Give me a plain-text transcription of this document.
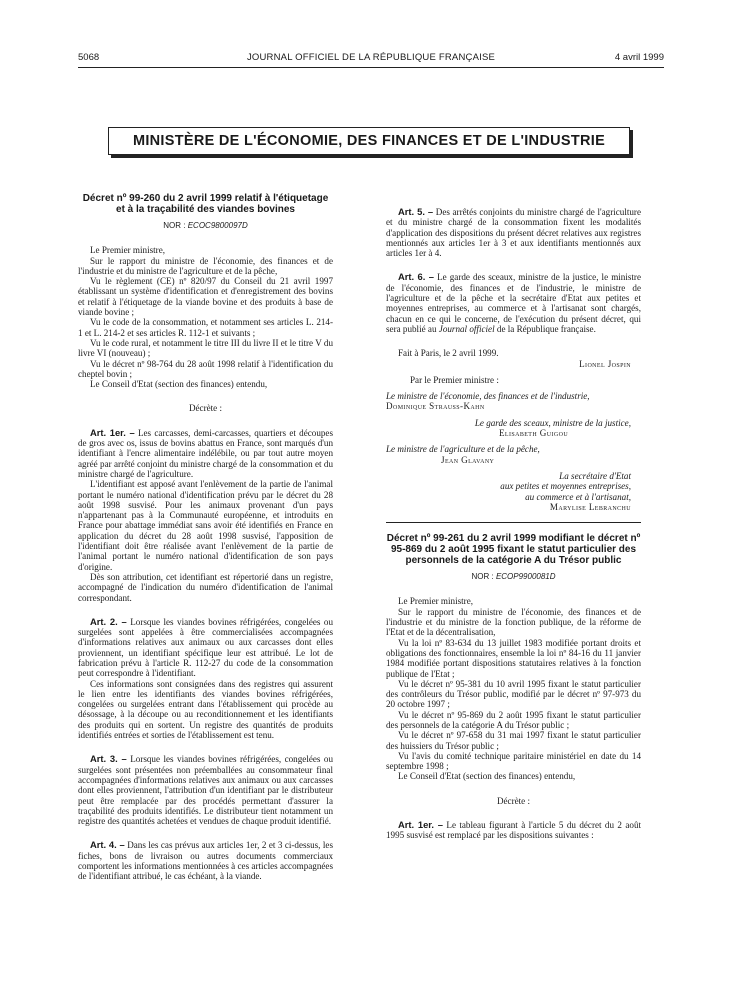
5068	JOURNAL OFFICIEL DE LA RÉPUBLIQUE FRANÇAISE	4 avril 1999
MINISTÈRE DE L'ÉCONOMIE, DES FINANCES ET DE L'INDUSTRIE
Décret nº 99-260 du 2 avril 1999 relatif à l'étiquetage et à la traçabilité des viandes bovines
NOR : ECOC9800097D

Le Premier ministre,

Sur le rapport du ministre de l'économie, des finances et de l'industrie et du ministre de l'agriculture et de la pêche,

Vu le règlement (CE) nº 820/97 du Conseil du 21 avril 1997 établissant un système d'identification et d'enregistrement des bovins et relatif à l'étiquetage de la viande bovine et des produits à base de viande bovine ;

Vu le code de la consommation, et notamment ses articles L. 214-1 et L. 214-2 et ses articles R. 112-1 et suivants ;

Vu le code rural, et notamment le titre III du livre II et le titre V du livre VI (nouveau) ;

Vu le décret nº 98-764 du 28 août 1998 relatif à l'identification du cheptel bovin ;

Le Conseil d'Etat (section des finances) entendu,

Décrète :

Art. 1er. – Les carcasses, demi-carcasses, quartiers et découpes de gros avec os, issus de bovins abattus en France, sont marqués d'un identifiant à l'encre alimentaire indélébile, ou par tout autre moyen agréé par arrêté conjoint du ministre chargé de la consommation et du ministre chargé de l'agriculture.

L'identifiant est apposé avant l'enlèvement de la partie de l'animal portant le numéro national d'identification prévu par le décret du 28 août 1998 susvisé. Pour les animaux provenant d'un pays n'appartenant pas à la Communauté européenne, et introduits en France pour abattage immédiat sans avoir été identifiés en France en application du décret du 28 août 1998 susvisé, l'apposition de l'identifiant doit être réalisée avant l'enlèvement de la partie de l'animal portant le numéro national d'identification de son pays d'origine.

Dès son attribution, cet identifiant est répertorié dans un registre, accompagné de l'indication du numéro d'identification de l'animal correspondant.

Art. 2. – Lorsque les viandes bovines réfrigérées, congelées ou surgelées sont appelées à être commercialisées accompagnées d'informations relatives aux animaux ou aux carcasses dont elles proviennent, un identifiant spécifique leur est attribué. Le lot de fabrication prévu à l'article R. 112-27 du code de la consommation peut correspondre à l'identifiant.

Ces informations sont consignées dans des registres qui assurent le lien entre les identifiants des viandes bovines réfrigérées, congelées ou surgelées entrant dans l'établissement qui procède au désossage, à la découpe ou au reconditionnement et les identifiants des produits qui en sortent. Un registre des quantités de produits identifiés entrées et sorties de l'établissement est tenu.

Art. 3. – Lorsque les viandes bovines réfrigérées, congelées ou surgelées sont présentées non préemballées au consommateur final accompagnées d'informations relatives aux animaux ou aux carcasses dont elles proviennent, l'attribution d'un identifiant par le distributeur peut être remplacée par des procédés permettant d'assurer la traçabilité des produits identifiés. Le distributeur tient notamment un registre des quantités achetées et vendues de chaque produit identifié.

Art. 4. – Dans les cas prévus aux articles 1er, 2 et 3 ci-dessus, les fiches, bons de livraison ou autres documents commerciaux comportent les informations mentionnées à ces articles accompagnées de l'identifiant attribué, le cas échéant, à la viande.

Art. 5. – Des arrêtés conjoints du ministre chargé de l'agriculture et du ministre chargé de la consommation fixent les modalités d'application des dispositions du présent décret relatives aux registres mentionnés aux articles 1er à 3 et aux identifiants mentionnés aux articles 1er à 4.

Art. 6. – Le garde des sceaux, ministre de la justice, le ministre de l'économie, des finances et de l'industrie, le ministre de l'agriculture et de la pêche et la secrétaire d'Etat aux petites et moyennes entreprises, au commerce et à l'artisanat sont chargés, chacun en ce qui le concerne, de l'exécution du présent décret, qui sera publié au Journal officiel de la République française.

Fait à Paris, le 2 avril 1999.

Lionel Jospin

Par le Premier ministre :

Le ministre de l'économie, des finances et de l'industrie,

Dominique Strauss-Kahn

Le garde des sceaux, ministre de la justice,

Elisabeth Guigou

Le ministre de l'agriculture et de la pêche,

Jean Glavany

La secrétaire d'Etat

aux petites et moyennes entreprises,

au commerce et à l'artisanat,

Marylise Lebranchu

Décret nº 99-261 du 2 avril 1999 modifiant le décret nº 95-869 du 2 août 1995 fixant le statut particulier des personnels de la catégorie A du Trésor public
NOR : ECOP9900081D

Le Premier ministre,

Sur le rapport du ministre de l'économie, des finances et de l'industrie et du ministre de la fonction publique, de la réforme de l'Etat et de la décentralisation,

Vu la loi nº 83-634 du 13 juillet 1983 modifiée portant droits et obligations des fonctionnaires, ensemble la loi nº 84-16 du 11 janvier 1984 modifiée portant dispositions statutaires relatives à la fonction publique de l'Etat ;

Vu le décret nº 95-381 du 10 avril 1995 fixant le statut particulier des contrôleurs du Trésor public, modifié par le décret nº 97-973 du 20 octobre 1997 ;

Vu le décret nº 95-869 du 2 août 1995 fixant le statut particulier des personnels de la catégorie A du Trésor public ;

Vu le décret nº 97-658 du 31 mai 1997 fixant le statut particulier des huissiers du Trésor public ;

Vu l'avis du comité technique paritaire ministériel en date du 14 septembre 1998 ;

Le Conseil d'Etat (section des finances) entendu,

Décrète :

Art. 1er. – Le tableau figurant à l'article 5 du décret du 2 août 1995 susvisé est remplacé par les dispositions suivantes :
